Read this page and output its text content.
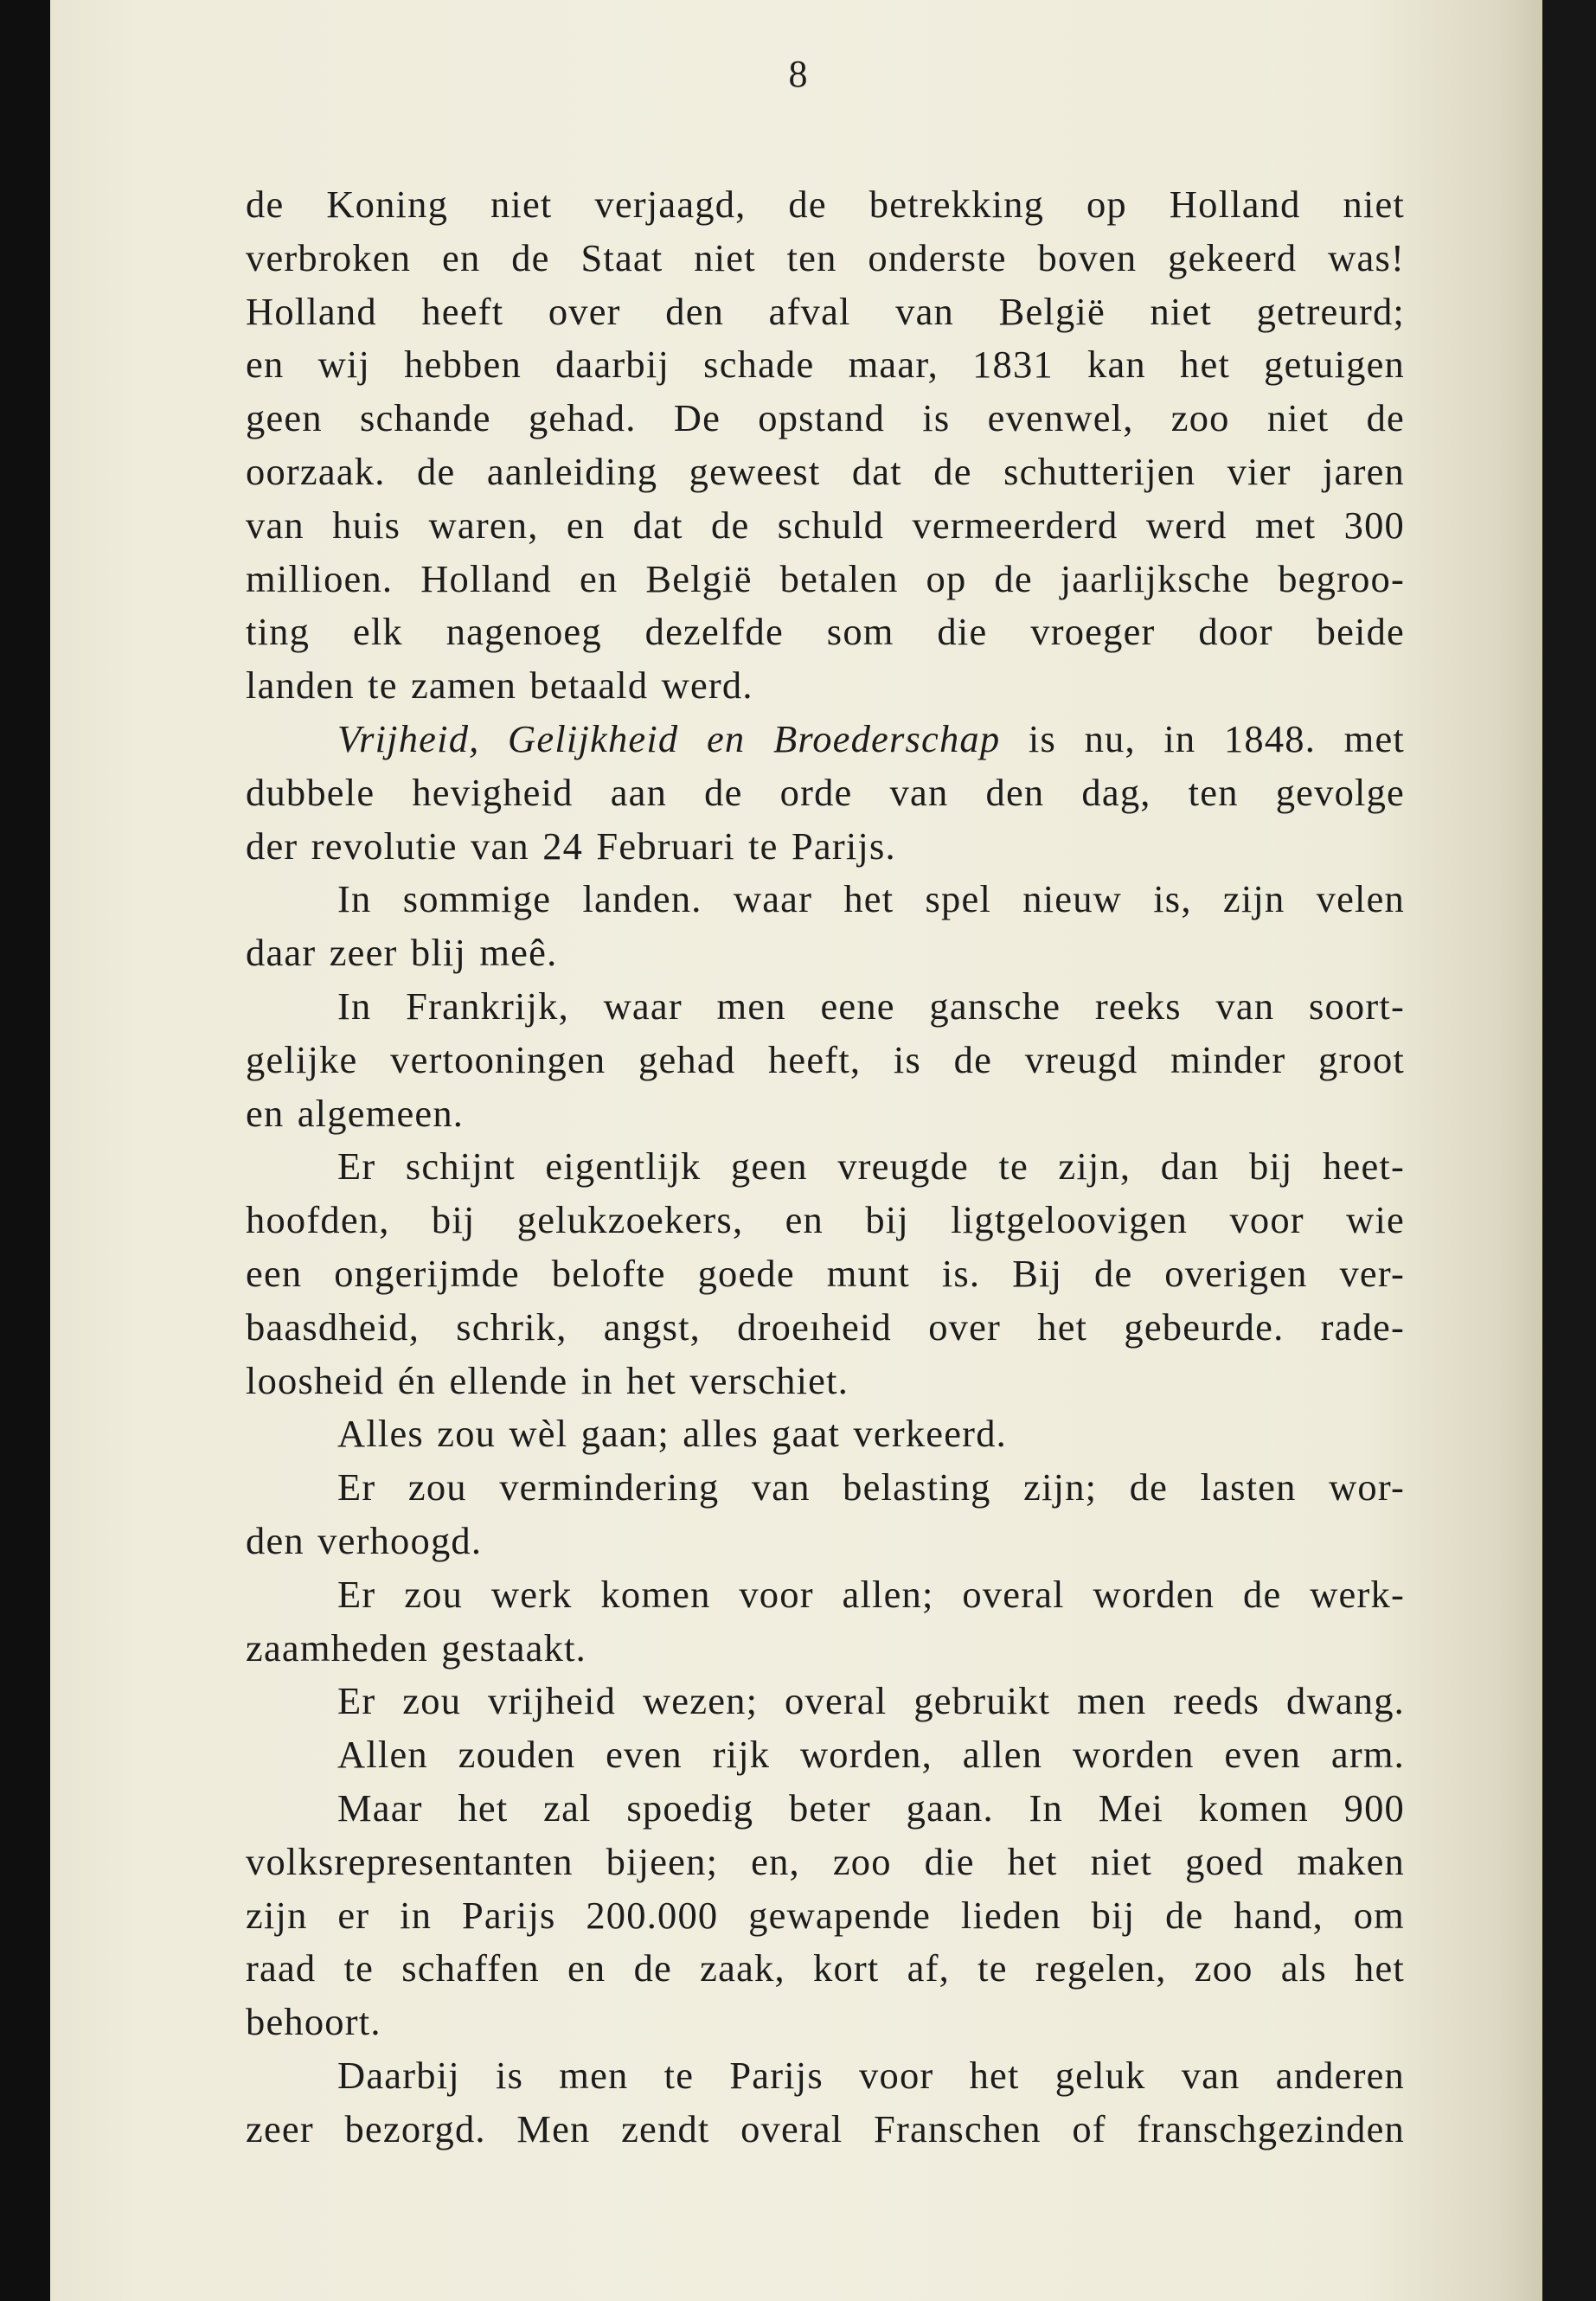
8
de Koning niet verjaagd, de betrekking op Holland niet
verbroken en de Staat niet ten onderste boven gekeerd was!
Holland heeft over den afval van België niet getreurd;
en wij hebben daarbij schade maar, 1831 kan het getuigen
geen schande gehad. De opstand is evenwel, zoo niet de
oorzaak. de aanleiding geweest dat de schutterijen vier jaren
van huis waren, en dat de schuld vermeerderd werd met 300
millioen. Holland en België betalen op de jaarlijksche begroo-
ting elk nagenoeg dezelfde som die vroeger door beide
landen te zamen betaald werd.
Vrijheid, Gelijkheid en Broederschap is nu, in 1848. met
dubbele hevigheid aan de orde van den dag, ten gevolge
der revolutie van 24 Februari te Parijs.
In sommige landen. waar het spel nieuw is, zijn velen
daar zeer blij meê.
In Frankrijk, waar men eene gansche reeks van soort-
gelijke vertooningen gehad heeft, is de vreugd minder groot
en algemeen.
Er schijnt eigentlijk geen vreugde te zijn, dan bij heet-
hoofden, bij gelukzoekers, en bij ligtgeloovigen voor wie
een ongerijmde belofte goede munt is. Bij de overigen ver-
baasdheid, schrik, angst, droeıheid over het gebeurde. rade-
loosheid én ellende in het verschiet.
Alles zou wèl gaan; alles gaat verkeerd.
Er zou vermindering van belasting zijn; de lasten wor-
den verhoogd.
Er zou werk komen voor allen; overal worden de werk-
zaamheden gestaakt.
Er zou vrijheid wezen; overal gebruikt men reeds dwang.
Allen zouden even rijk worden, allen worden even arm.
Maar het zal spoedig beter gaan. In Mei komen 900
volksrepresentanten bijeen; en, zoo die het niet goed maken
zijn er in Parijs 200.000 gewapende lieden bij de hand, om
raad te schaffen en de zaak, kort af, te regelen, zoo als het
behoort.
Daarbij is men te Parijs voor het geluk van anderen
zeer bezorgd. Men zendt overal Franschen of franschgezinden
